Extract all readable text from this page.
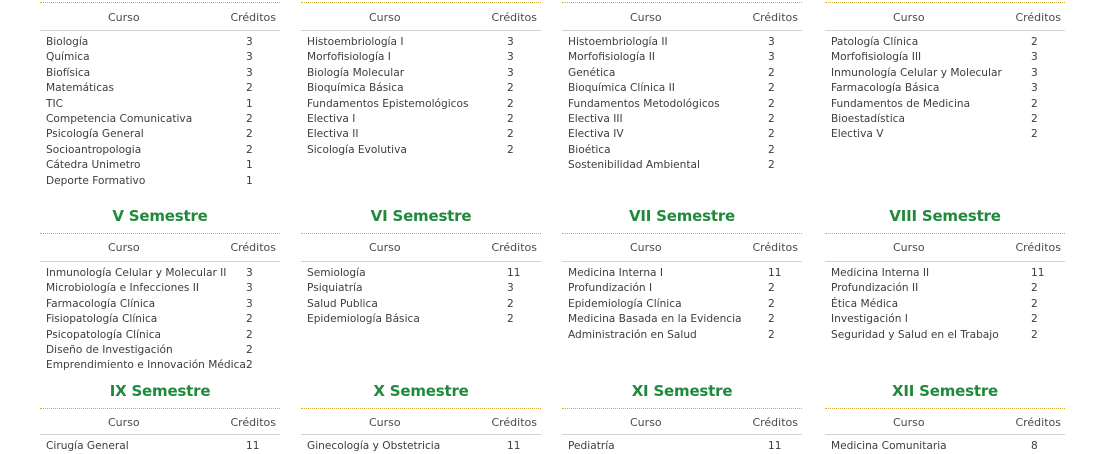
Curso	Créditos
Biología	3
Química	3
Biofísica	3
Matemáticas	2
TIC	1
Competencia Comunicativa	2
Psicología General	2
Socioantropologia	2
Cátedra Unimetro	1
Deporte Formativo	1
Curso	Créditos
Histoembriología I	3
Morfofisiología I	3
Biología Molecular	3
Bioquímica Básica	2
Fundamentos Epistemológicos	2
Electiva I	2
Electiva II	2
Sicología Evolutiva	2
Curso	Créditos
Histoembriología II	3
Morfofisiología II	3
Genética	2
Bioquímica Clínica II	2
Fundamentos Metodológicos	2
Electiva III	2
Electiva IV	2
Bioética	2
Sostenibilidad Ambiental	2
Curso	Créditos
Patología Clínica	2
Morfofisiología III	3
Inmunología Celular y Molecular	3
Farmacología Básica	3
Fundamentos de Medicina	2
Bioestadística	2
Electiva V	2
V Semestre
Curso	Créditos
Inmunología Celular y Molecular II 3
Microbiología e Infecciones II	3
Farmacología Clínica	3
Fisiopatología Clínica	2
Psicopatología Clínica	2
Diseño de Investigación	2
Emprendimiento e Innovación Médica 2
VI Semestre
Curso	Créditos
Semiología	11
Psiquiatría	3
Salud Publica	2
Epidemiología Básica	2
VII Semestre
Curso	Créditos
Medicina Interna I	11
Profundización I	2
Epidemiología Clínica	2
Medicina Basada en la Evidencia 2
Administración en Salud	2
VIII Semestre
Curso	Créditos
Medicina Interna II	11
Profundización II	2
Ética Médica	2
Investigación I	2
Seguridad y Salud en el Trabajo	2
IX Semestre
Curso	Créditos
Cirugía General	11
X Semestre
Curso	Créditos
Ginecología y Obstetricia	11
XI Semestre
Curso	Créditos
Pediatría	11
XII Semestre
Curso	Créditos
Medicina Comunitaria	8
